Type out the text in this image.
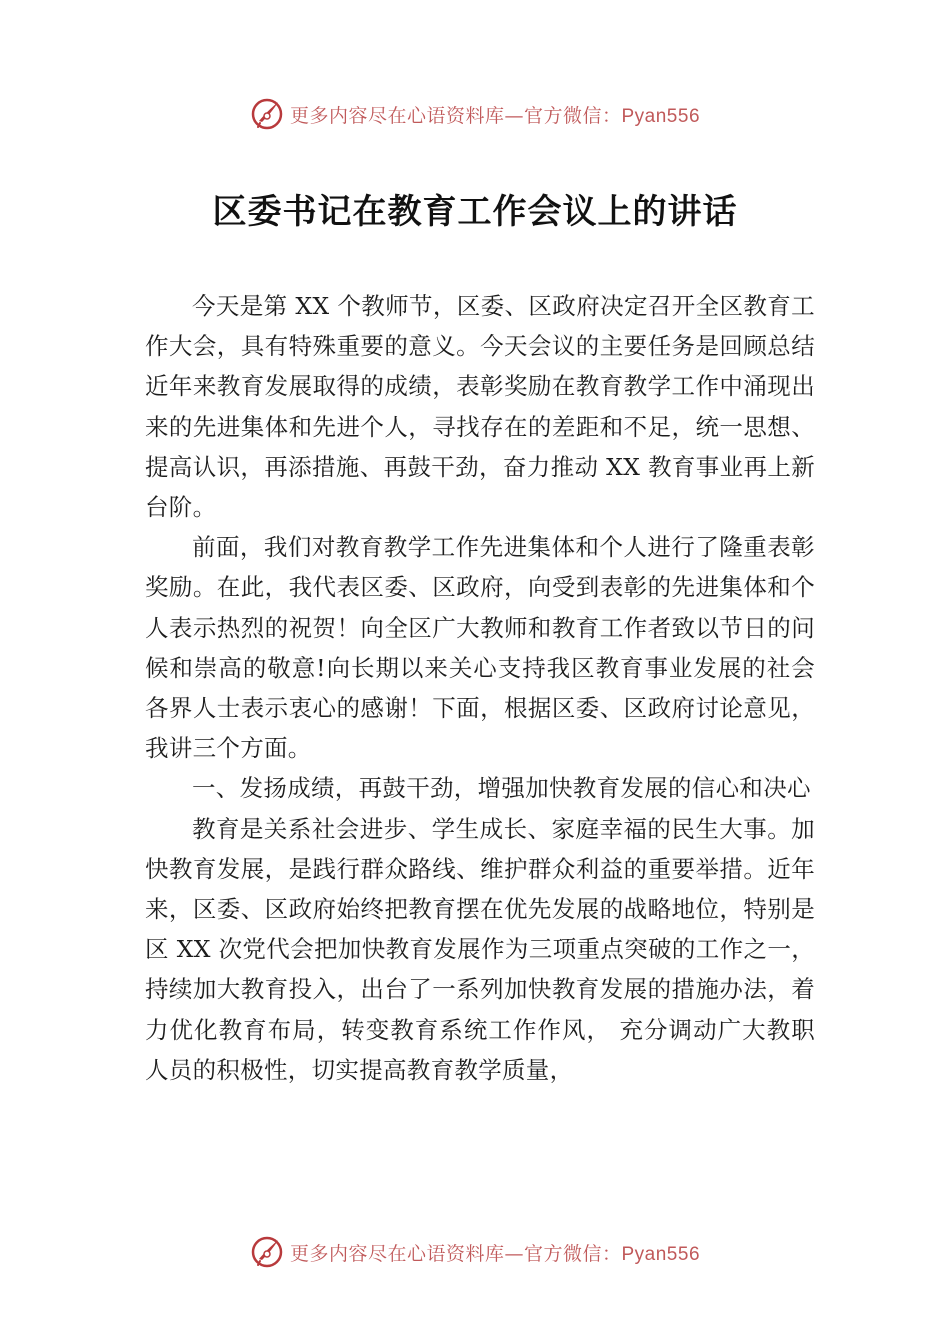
更多内容尽在心语资料库—官方微信：Pyan556
区委书记在教育工作会议上的讲话

今天是第 XX 个教师节，区委、区政府决定召开全区教育工作大会，具有特殊重要的意义。今天会议的主要任务是回顾总结近年来教育发展取得的成绩，表彰奖励在教育教学工作中涌现出来的先进集体和先进个人，寻找存在的差距和不足，统一思想、提高认识，再添措施、再鼓干劲，奋力推动 XX 教育事业再上新台阶。

前面，我们对教育教学工作先进集体和个人进行了隆重表彰奖励。在此，我代表区委、区政府，向受到表彰的先进集体和个人表示热烈的祝贺！向全区广大教师和教育工作者致以节日的问候和崇高的敬意!向长期以来关心支持我区教育事业发展的社会各界人士表示衷心的感谢！下面，根据区委、区政府讨论意见，我讲三个方面。

一、发扬成绩，再鼓干劲，增强加快教育发展的信心和决心

教育是关系社会进步、学生成长、家庭幸福的民生大事。加快教育发展，是践行群众路线、维护群众利益的重要举措。近年来，区委、区政府始终把教育摆在优先发展的战略地位，特别是区 XX 次党代会把加快教育发展作为三项重点突破的工作之一，持续加大教育投入，出台了一系列加快教育发展的措施办法，着力优化教育布局，转变教育系统工作作风， 充分调动广大教职人员的积极性，切实提高教育教学质量，

更多内容尽在心语资料库—官方微信：Pyan556
